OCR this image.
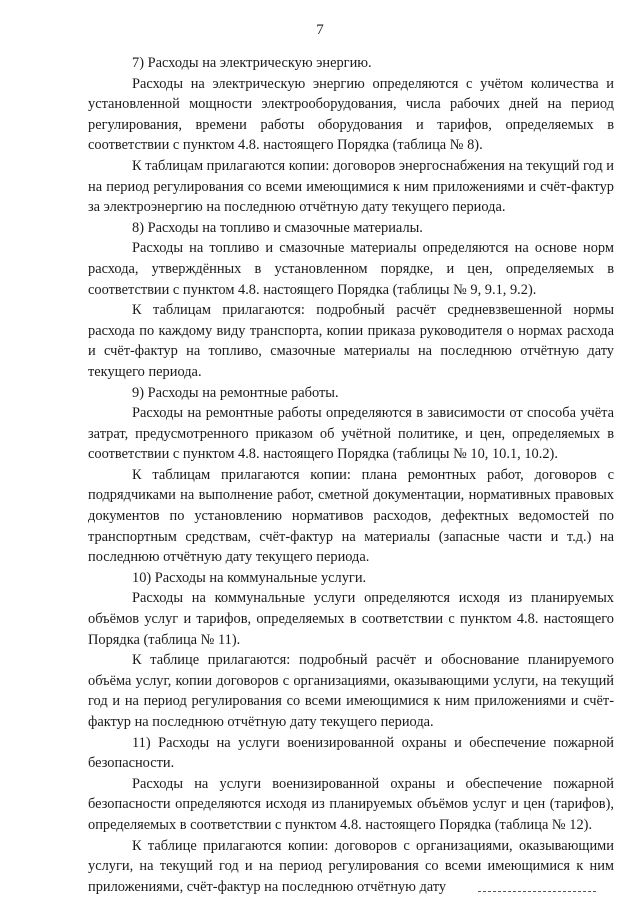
7

7) Расходы на электрическую энергию.

Расходы на электрическую энергию определяются с учётом количества и установленной мощности электрооборудования, числа рабочих дней на период регулирования, времени работы оборудования и тарифов, определяемых в соответствии с пунктом 4.8. настоящего Порядка (таблица № 8).

К таблицам прилагаются копии: договоров энергоснабжения на текущий год и на период регулирования со всеми имеющимися к ним приложениями и счёт-фактур за электроэнергию на последнюю отчётную дату текущего периода.

8) Расходы на топливо и смазочные материалы.

Расходы на топливо и смазочные материалы определяются на основе норм расхода, утверждённых в установленном порядке, и цен, определяемых в соответствии с пунктом 4.8. настоящего Порядка (таблицы № 9, 9.1, 9.2).

К таблицам прилагаются: подробный расчёт средневзвешенной нормы расхода по каждому виду транспорта, копии приказа руководителя о нормах расхода и счёт-фактур на топливо, смазочные материалы на последнюю отчётную дату текущего периода.

9) Расходы на ремонтные работы.

Расходы на ремонтные работы определяются в зависимости от способа учёта затрат, предусмотренного приказом об учётной политике, и цен, определяемых в соответствии с пунктом 4.8. настоящего Порядка (таблицы № 10, 10.1, 10.2).

К таблицам прилагаются копии: плана ремонтных работ, договоров с подрядчиками на выполнение работ, сметной документации, нормативных правовых документов по установлению нормативов расходов, дефектных ведомостей по транспортным средствам, счёт-фактур на материалы (запасные части и т.д.) на последнюю отчётную дату текущего периода.

10) Расходы на коммунальные услуги.

Расходы на коммунальные услуги определяются исходя из планируемых объёмов услуг и тарифов, определяемых в соответствии с пунктом 4.8. настоящего Порядка (таблица № 11).

К таблице прилагаются: подробный расчёт и обоснование планируемого объёма услуг, копии договоров с организациями, оказывающими услуги, на текущий год и на период регулирования со всеми имеющимися к ним приложениями и счёт-фактур на последнюю отчётную дату текущего периода.

11) Расходы на услуги военизированной охраны и обеспечение пожарной безопасности.

Расходы на услуги военизированной охраны и обеспечение пожарной безопасности определяются исходя из планируемых объёмов услуг и цен (тарифов), определяемых в соответствии с пунктом 4.8. настоящего Порядка (таблица № 12).

К таблице прилагаются копии: договоров с организациями, оказывающими услуги, на текущий год и на период регулирования со всеми имеющимися к ним приложениями, счёт-фактур на последнюю отчётную дату
